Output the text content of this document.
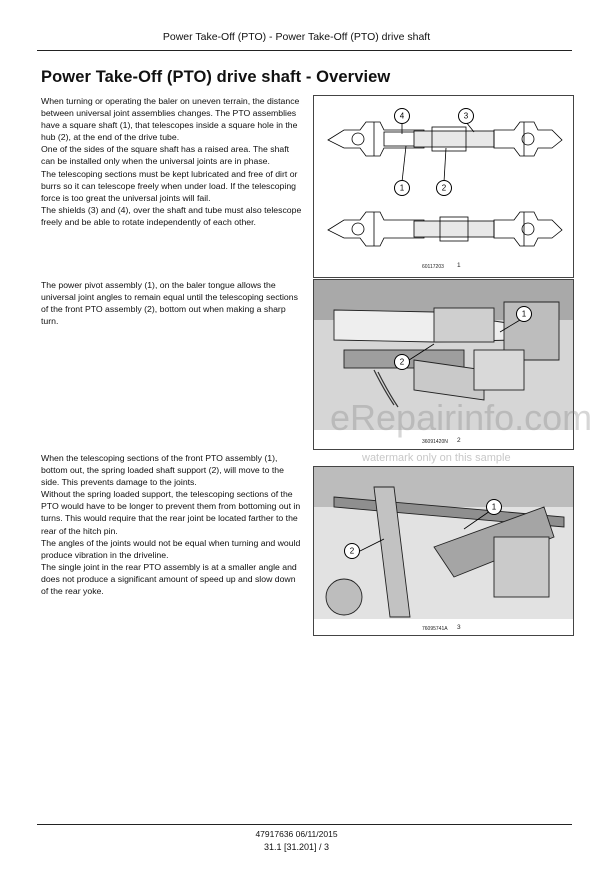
Power Take-Off (PTO) - Power Take-Off (PTO) drive shaft
Power Take-Off (PTO) drive shaft - Overview

When turning or operating the baler on uneven terrain, the distance between universal joint assemblies changes. The PTO assemblies have a square shaft (1), that telescopes inside a square hole in the hub (2), at the end of the drive tube.

One of the sides of the square shaft has a raised area. The shaft can be installed only when the universal joints are in phase.

The telescoping sections must be kept lubricated and free of dirt or burrs so it can telescope freely when under load. If the telescoping force is too great the universal joints will fail.

The shields (3) and (4), over the shaft and tube must also telescope freely and be able to rotate independently of each other.

4	3
1	2
60117203 1

The power pivot assembly (1), on the baler tongue allows the universal joint angles to remain equal until the telescoping sections of the front PTO assembly (2), bottom out when making a sharp turn.

1
2
36091420N 2

When the telescoping sections of the front PTO assembly (1), bottom out, the spring loaded shaft support (2), will move to the side. This prevents damage to the joints.

Without the spring loaded support, the telescoping sections of the PTO would have to be longer to prevent them from bottoming out in turns. This would require that the rear joint be located farther to the rear of the hitch pin.

The angles of the joints would not be equal when turning and would produce vibration in the driveline.

The single joint in the rear PTO assembly is at a smaller angle and does not produce a significant amount of speed up and slow down of the rear yoke.

1
2
76095741A 3
eRepairinfo.com
watermark only on this sample
47917636 06/11/2015
31.1 [31.201] / 3
